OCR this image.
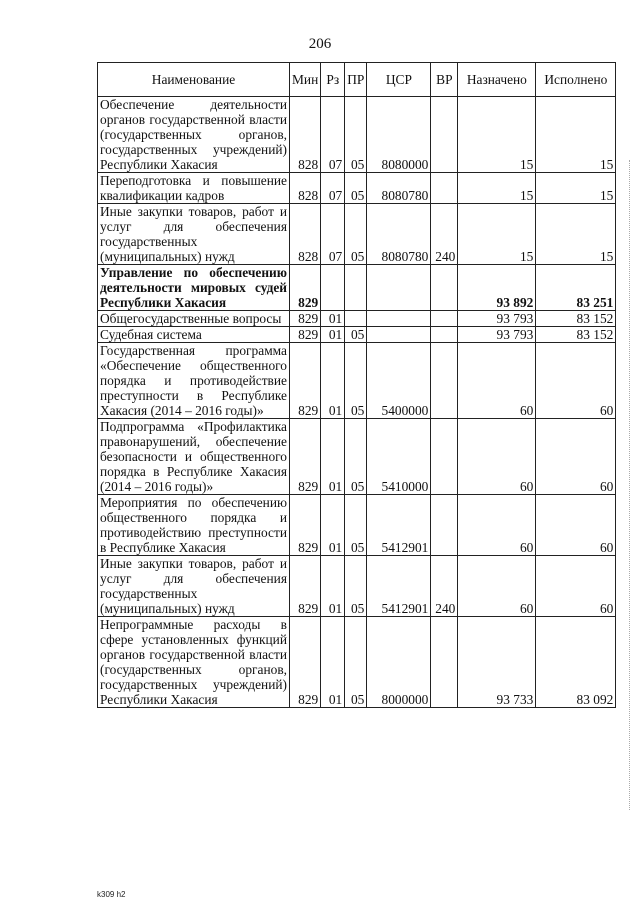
206
Наименование	Мин	Рз	ПР	ЦСР	ВР	Назначено	Исполнено
Обеспечение деятельности органов государственной власти (государственных органов, государственных учреждений) Республики Хакасия	828	07	05	8080000		15	15
Переподготовка и повышение квалификации кадров	828	07	05	8080780		15	15
Иные закупки товаров, работ и услуг для обеспечения государственных (муниципальных) нужд	828	07	05	8080780	240	15	15
Управление по обеспечению деятельности мировых судей Республики Хакасия	829					93 892	83 251
Общегосударственные вопросы	829	01				93 793	83 152
Судебная система	829	01	05			93 793	83 152
Государственная программа «Обеспечение общественного порядка и противодействие преступности в Республике Хакасия (2014 – 2016 годы)»	829	01	05	5400000		60	60
Подпрограмма «Профилактика правонарушений, обеспечение безопасности и общественного порядка в Республике Хакасия (2014 – 2016 годы)»	829	01	05	5410000		60	60
Мероприятия по обеспечению общественного порядка и противодействию преступности в Республике Хакасия	829	01	05	5412901		60	60
Иные закупки товаров, работ и услуг для обеспечения государственных (муниципальных) нужд	829	01	05	5412901	240	60	60
Непрограммные расходы в сфере установленных функций органов государственной власти (государственных органов, государственных учреждений) Республики Хакасия	829	01	05	8000000		93 733	83 092
k309 h2
